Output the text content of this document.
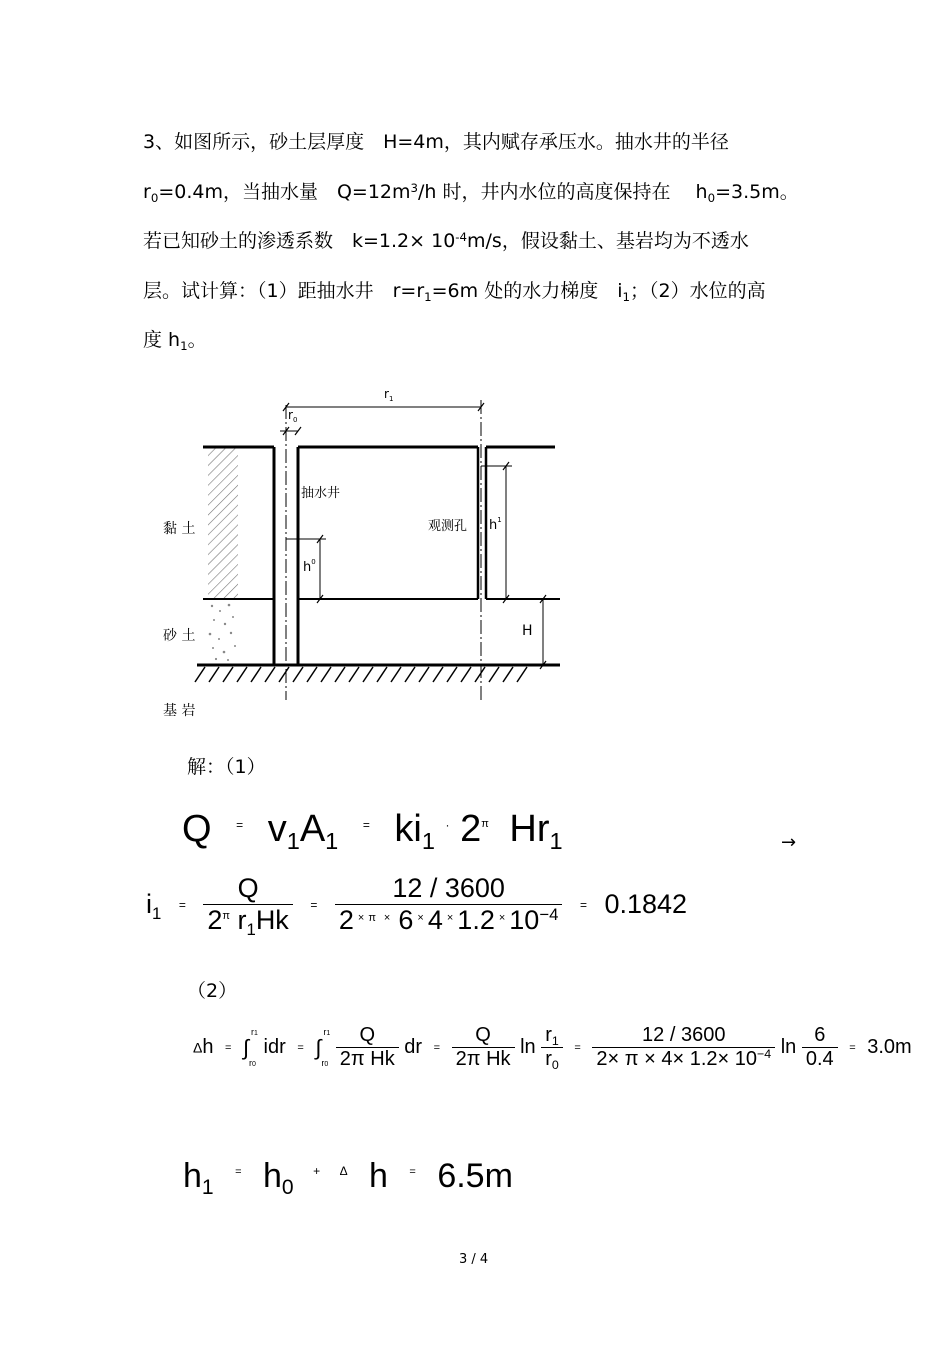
3、如图所示，砂土层厚度　H=4m，其内赋存承压水。抽水井的半径
$r_0=0.4m$，当抽水量　$Q=12m^3/h$ 时，井内水位的高度保持在　 $h_0=3.5m$。
若已知砂土的渗透系数　$k=1.2\times 10^{-4}m/s$，假设黏土、基岩均为不透水
层。试计算：（1）距抽水井　$r=r_1=6m$ 处的水力梯度　$i_1$；（2）水位的高
度 $h_1$。
$r_1$
$r_0$
抽水井
观测孔 $h^1$
$h^0$
H
黏 土
砂 土
基 岩
解：（1）
Q = $v_1A_1$ = $ki_1$ · $2^\pi$ $Hr_1$	→
$i_1 = \frac{Q}{2^\pi r_1Hk} = \frac{12 / 3600}{2 ^\times ^\pi ^\times 6 ^\times 4 ^\times 1.2 ^\times 10^{-4}} = 0.1842$
（2）
Δh =
r1
∫
r0
idr =
r1
∫
r0
$\frac{Q}{\text{2π Hk}}$ dr = $\frac{Q}{\text{2π Hk}}$ $\ln \frac{r_1}{r_0} = \frac{12 / 3600}{2\times \pi \times 4\times 1.2\times 10^{-4}}$ $\ln \frac{6}{0.4} = 3.0m$
$h_1$ = $h_0$ + $^\Delta$ h = 6.5m
3 / 4
